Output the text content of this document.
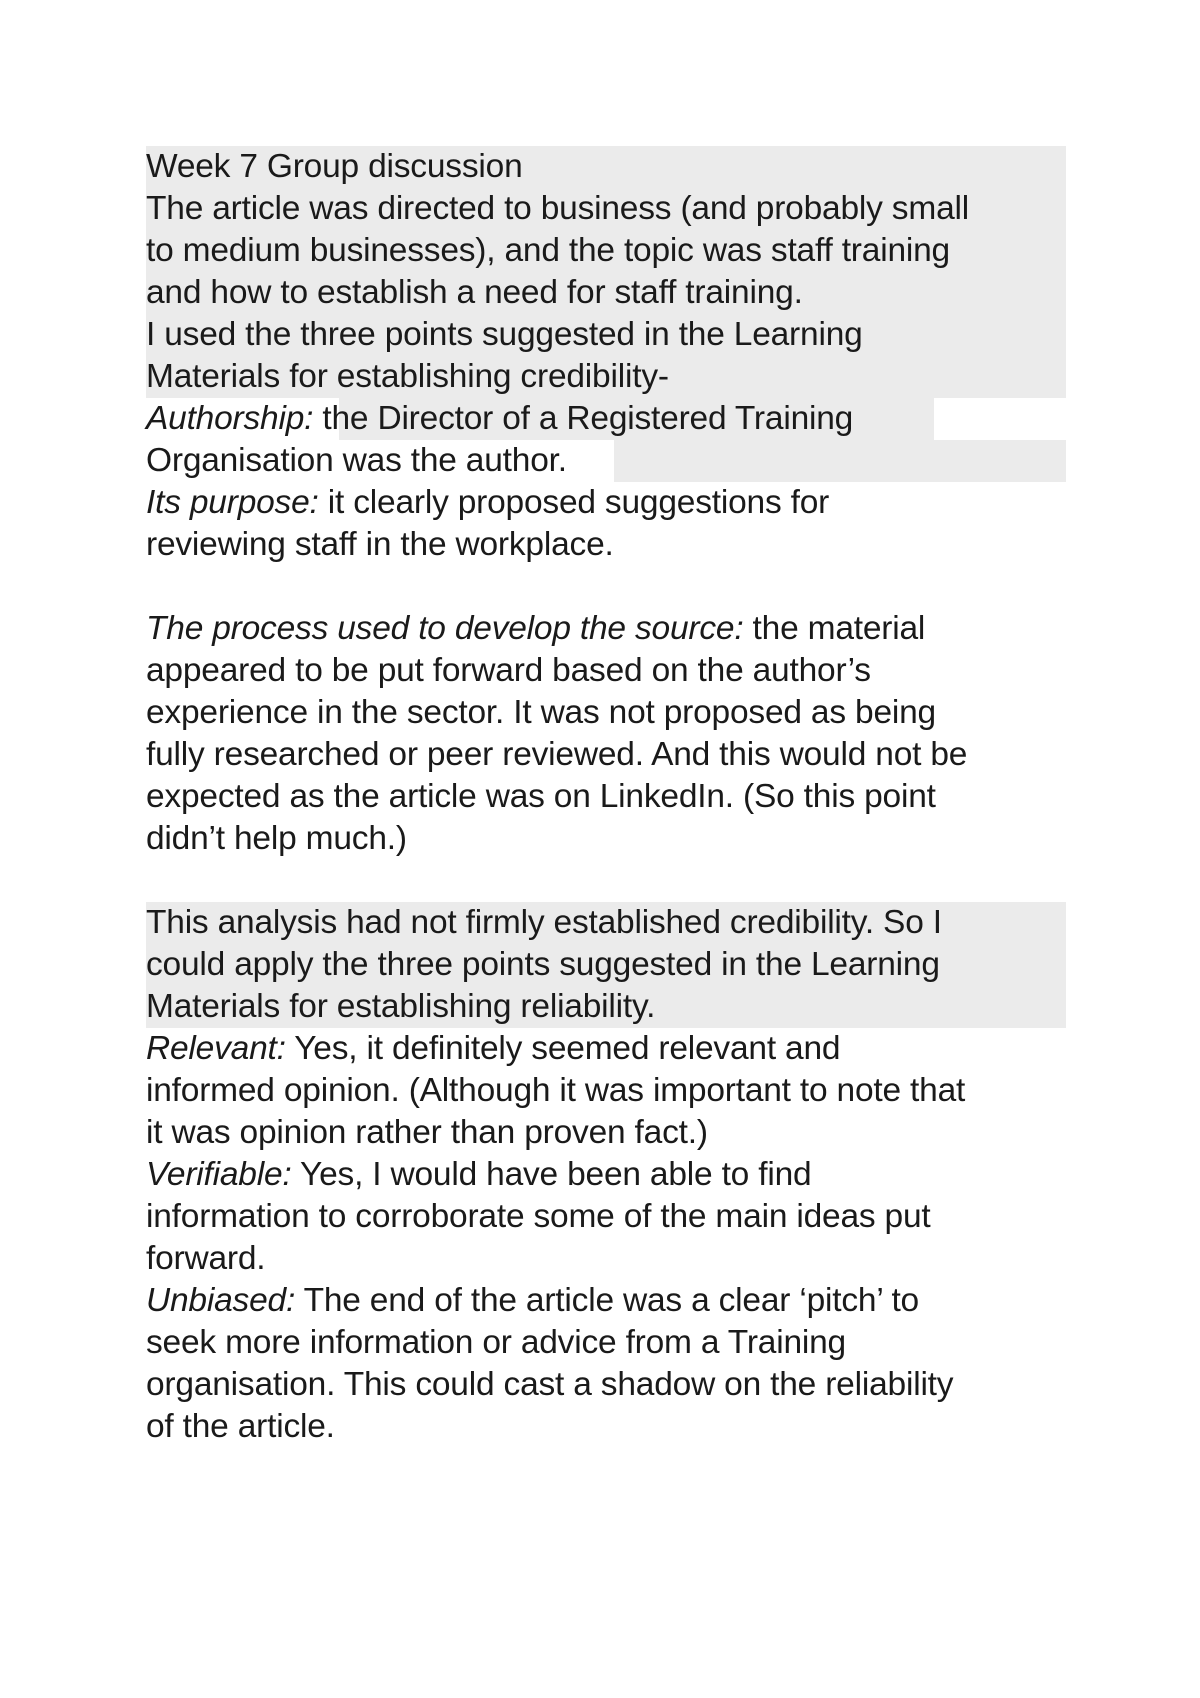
Week 7 Group discussion
The article was directed to business (and probably small
to medium businesses), and the topic was staff training
and how to establish a need for staff training.
I used the three points suggested in the Learning
Materials for establishing credibility-
Authorship: the Director of a Registered Training
Organisation was the author.
Its purpose: it clearly proposed suggestions for
reviewing staff in the workplace.
The process used to develop the source: the material
appeared to be put forward based on the author’s
experience in the sector. It was not proposed as being
fully researched or peer reviewed. And this would not be
expected as the article was on LinkedIn. (So this point
didn’t help much.)
This analysis had not firmly established credibility. So I
could apply the three points suggested in the Learning
Materials for establishing reliability.
Relevant: Yes, it definitely seemed relevant and
informed opinion. (Although it was important to note that
it was opinion rather than proven fact.)
Verifiable: Yes, I would have been able to find
information to corroborate some of the main ideas put
forward.
Unbiased: The end of the article was a clear ‘pitch’ to
seek more information or advice from a Training
organisation. This could cast a shadow on the reliability
of the article.
